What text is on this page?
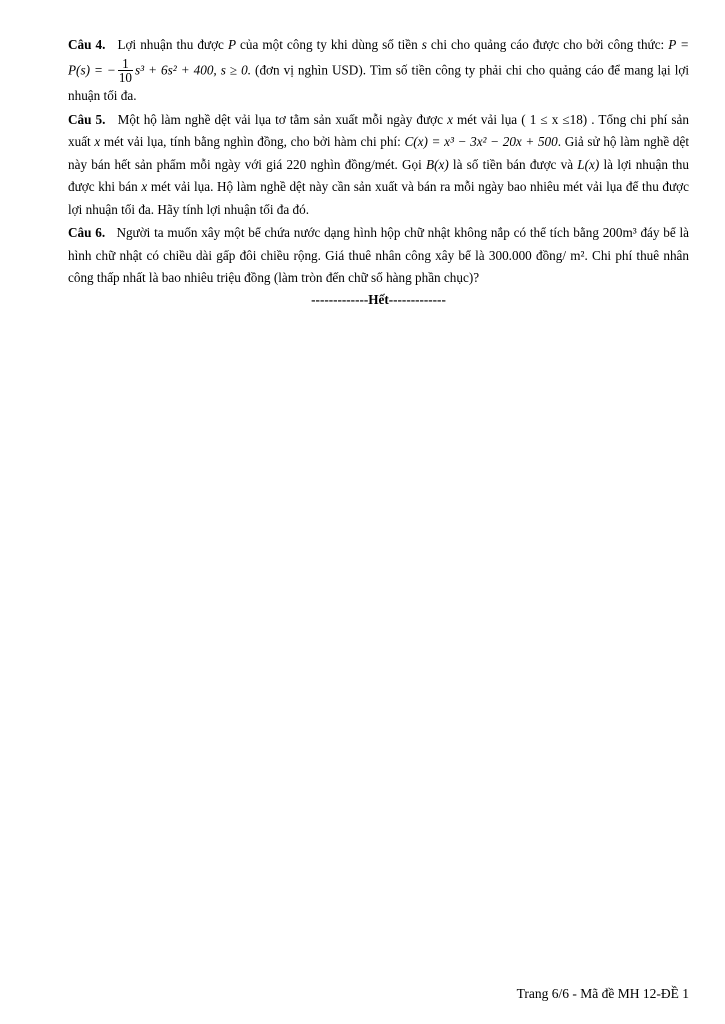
Câu 4. Lợi nhuận thu được P của một công ty khi dùng số tiền s chi cho quảng cáo được cho bởi công thức: P = P(s) = − $\frac{1}{10} s^3 + 6s^2 + 400$, s ≥ 0. (đơn vị nghìn USD). Tìm số tiền công ty phải chi cho quảng cáo để mang lại lợi nhuận tối đa.

Câu 5. Một hộ làm nghề dệt vải lụa tơ tằm sản xuất mỗi ngày được x mét vải lụa ( 1 ≤ x ≤18) . Tổng chi phí sản xuất x mét vải lụa, tính bằng nghìn đồng, cho bởi hàm chi phí: C(x) = x³ − 3x² − 20x + 500. Giả sử hộ làm nghề dệt này bán hết sản phẩm mỗi ngày với giá 220 nghìn đồng/mét. Gọi B(x) là số tiền bán được và L(x) là lợi nhuận thu được khi bán x mét vải lụa. Hộ làm nghề dệt này cần sản xuất và bán ra mỗi ngày bao nhiêu mét vải lụa để thu được lợi nhuận tối đa. Hãy tính lợi nhuận tối đa đó.

Câu 6. Người ta muốn xây một bể chứa nước dạng hình hộp chữ nhật không nắp có thể tích bằng 200m³ đáy bể là hình chữ nhật có chiều dài gấp đôi chiều rộng. Giá thuê nhân công xây bể là 300.000 đồng/ m². Chi phí thuê nhân công thấp nhất là bao nhiêu triệu đồng (làm tròn đến chữ số hàng phần chục)?

-------------Hết-------------
Trang 6/6 - Mã đề MH 12-ĐỀ 1
